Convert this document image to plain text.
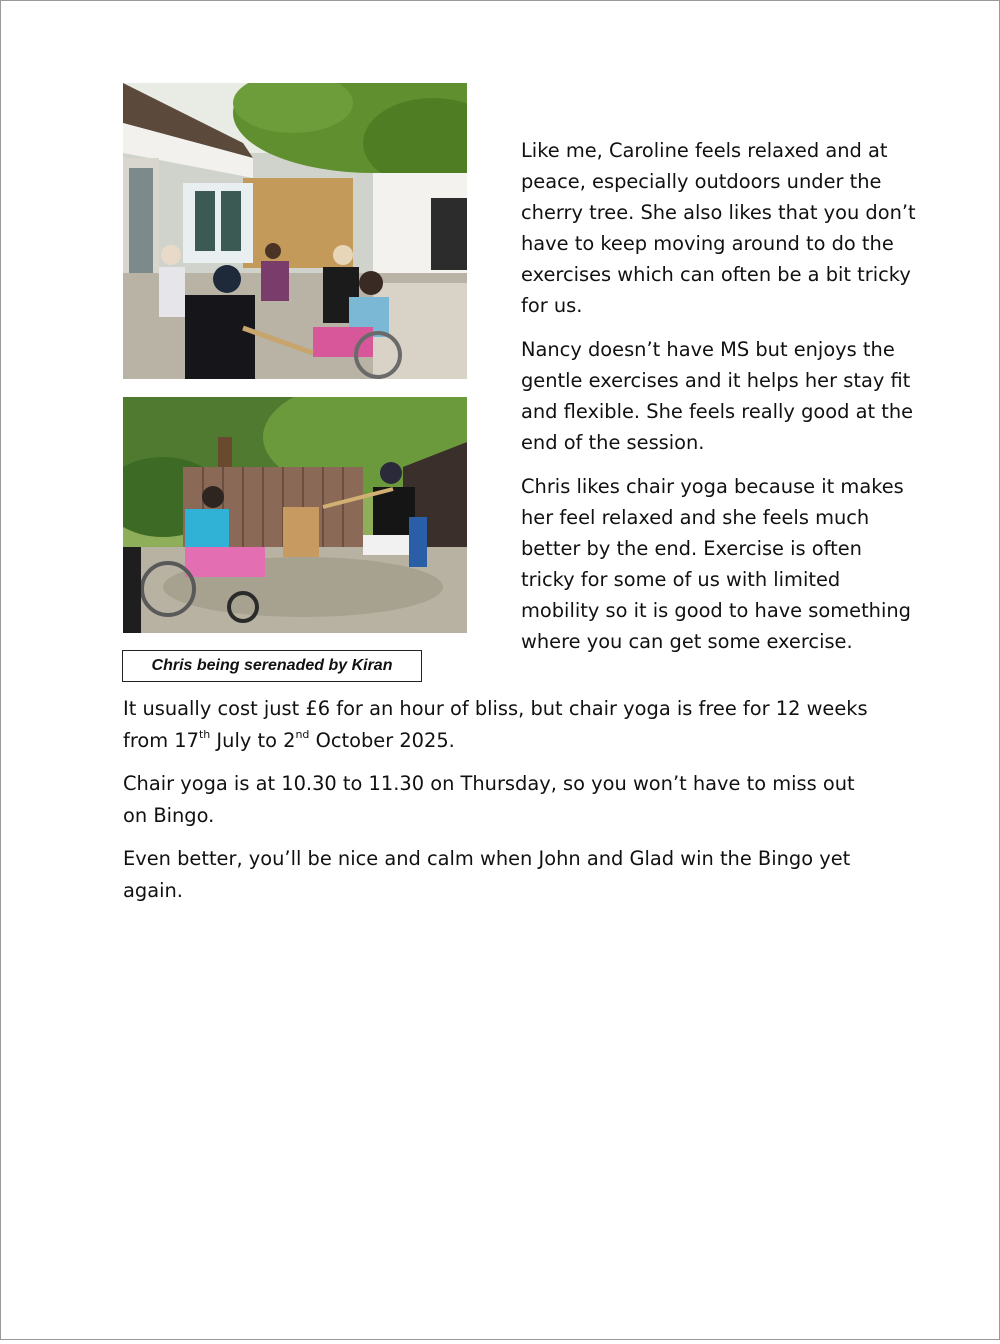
Chris being serenaded by Kiran

Like me, Caroline feels relaxed and at peace, especially outdoors under the cherry tree. She also likes that you don’t have to keep moving around to do the exercises which can often be a bit tricky for us.

Nancy doesn’t have MS but enjoys the gentle exercises and it helps her stay fit and flexible. She feels really good at the end of the session.

Chris likes chair yoga because it makes her feel relaxed and she feels much better by the end. Exercise is often tricky for some of us with limited mobility so it is good to have something where you can get some exercise.

It usually cost just £6 for an hour of bliss, but chair yoga is free for 12 weeks from 17th July to 2nd October 2025.

Chair yoga is at 10.30 to 11.30 on Thursday, so you won’t have to miss out on Bingo.

Even better, you’ll be nice and calm when John and Glad win the Bingo yet again.
